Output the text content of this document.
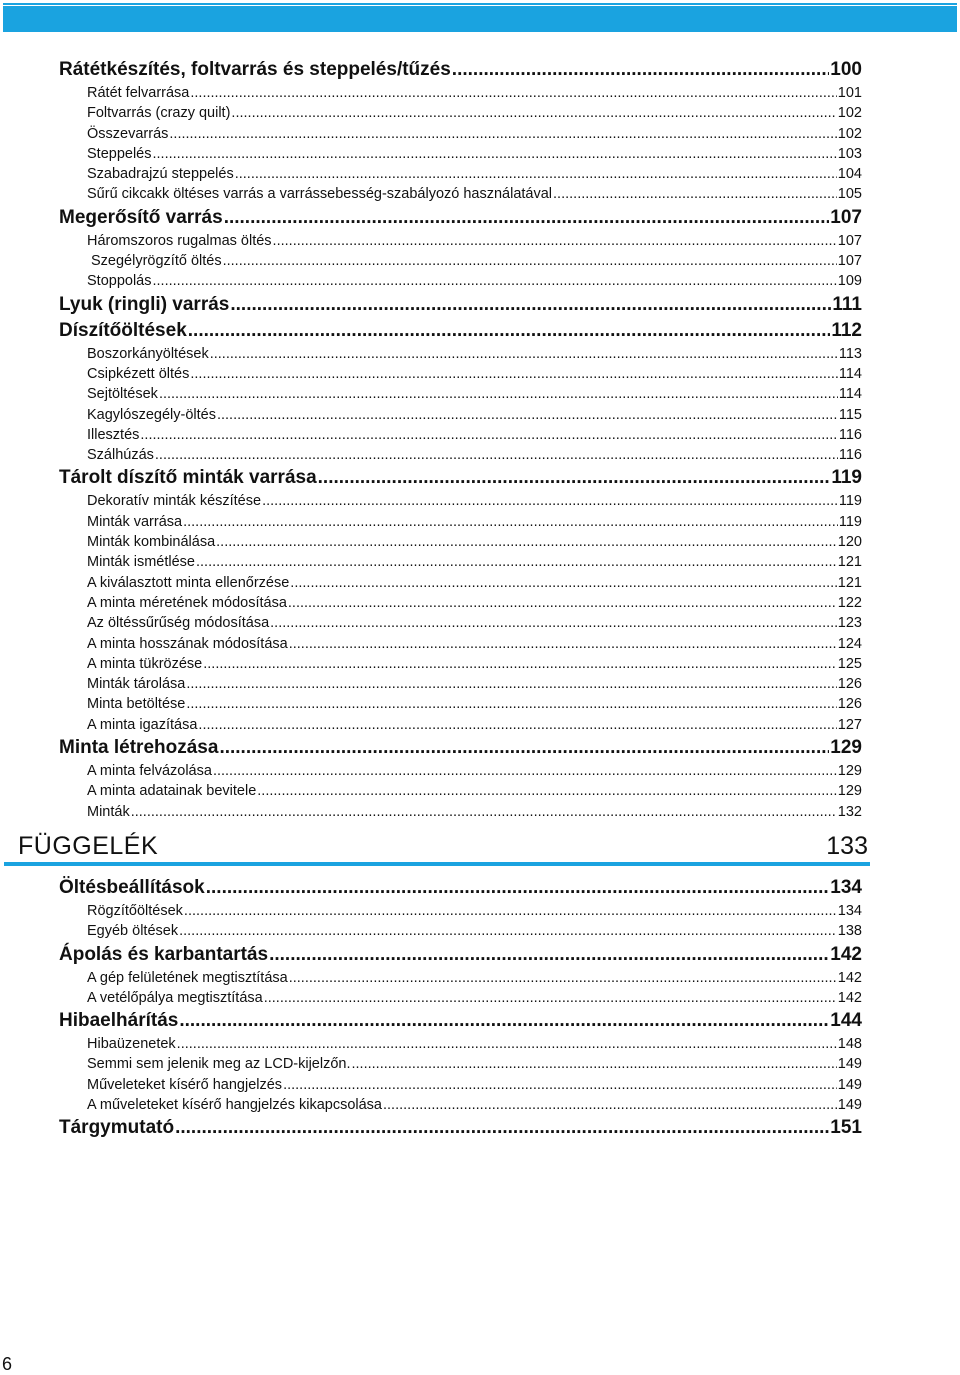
Rátétkészítés, foltvarrás és steppelés/tűzés .....	100
Rátét felvarrása .....	101
Foltvarrás (crazy quilt) .....	102
Összevarrás .....	102
Steppelés .....	103
Szabadrajzú steppelés .....	104
Sűrű cikcakk öltéses varrás a varrássebesség-szabályozó használatával .....	105
Megerősítő varrás .....	107
Háromszoros rugalmas öltés .....	107
Szegélyrögzítő öltés .....	107
Stoppolás .....	109
Lyuk (ringli) varrás .....	111
Díszítőöltések .....	112
Boszorkányöltések .....	113
Csipkézett öltés .....	114
Sejtöltések .....	114
Kagylószegély-öltés .....	115
Illesztés .....	116
Szálhúzás .....	116
Tárolt díszítő minták varrása .....	119
Dekoratív minták készítése .....	119
Minták varrása .....	119
Minták kombinálása .....	120
Minták ismétlése .....	121
A kiválasztott minta ellenőrzése .....	121
A minta méretének módosítása .....	122
Az öltéssűrűség módosítása .....	123
A minta hosszának módosítása .....	124
A minta tükrözése .....	125
Minták tárolása .....	126
Minta betöltése .....	126
A minta igazítása .....	127
Minta létrehozása .....	129
A minta felvázolása .....	129
A minta adatainak bevitele .....	129
Minták .....	132
FÜGGELÉK	133
Öltésbeállítások .....	134
Rögzítőöltések .....	134
Egyéb öltések .....	138
Ápolás és karbantartás .....	142
A gép felületének megtisztítása .....	142
A vetélőpálya megtisztítása .....	142
Hibaelhárítás .....	144
Hibaüzenetek .....	148
Semmi sem jelenik meg az LCD-kijelzőn. .....	149
Műveleteket kísérő hangjelzés .....	149
A műveleteket kísérő hangjelzés kikapcsolása .....	149
Tárgymutató .....	151
6
